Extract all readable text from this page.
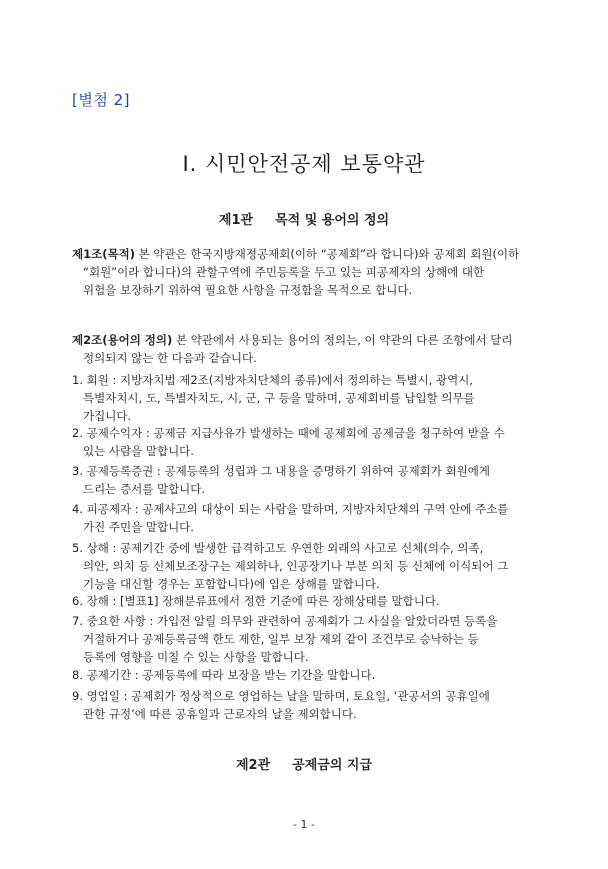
[별첨 2]
Ⅰ. 시민안전공제 보통약관
제1관 목적 및 용어의 정의
제1조(목적) 본 약관은 한국지방재정공제회(이하 “공제회”라 합니다)와 공제회 회원(이하
“회원”이라 합니다)의 관할구역에 주민등록을 두고 있는 피공제자의 상해에 대한
위험을 보장하기 위하여 필요한 사항을 규정함을 목적으로 합니다.
제2조(용어의 정의) 본 약관에서 사용되는 용어의 정의는, 이 약관의 다른 조항에서 달리
정의되지 않는 한 다음과 같습니다.
1. 회원 : 지방자치법 제2조(지방자치단체의 종류)에서 정의하는 특별시, 광역시,
특별자치시, 도, 특별자치도, 시, 군, 구 등을 말하며, 공제회비를 납입할 의무를
가집니다.
2. 공제수익자 : 공제금 지급사유가 발생하는 때에 공제회에 공제금을 청구하여 받을 수
있는 사람을 말합니다.
3. 공제등록증권 : 공제등록의 성립과 그 내용을 증명하기 위하여 공제회가 회원에게
드리는 증서를 말합니다.
4. 피공제자 : 공제사고의 대상이 되는 사람을 말하며, 지방자치단체의 구역 안에 주소를
가진 주민을 말합니다.
5. 상해 : 공제기간 중에 발생한 급격하고도 우연한 외래의 사고로 신체(의수, 의족,
의안, 의치 등 신체보조장구는 제외하나, 인공장기나 부분 의치 등 신체에 이식되어 그
기능을 대신할 경우는 포함합니다)에 입은 상해를 말합니다.
6. 장해 : [별표1] 장해분류표에서 정한 기준에 따른 장해상태를 말합니다.
7. 중요한 사항 : 가입전 알릴 의무와 관련하여 공제회가 그 사실을 알았더라면 등록을
거절하거나 공제등록금액 한도 제한, 일부 보장 제외 같이 조건부로 승낙하는 등
등록에 영향을 미칠 수 있는 사항을 말합니다.
8. 공제기간 : 공제등록에 따라 보장을 받는 기간을 말합니다.
9. 영업일 : 공제회가 정상적으로 영업하는 날을 말하며, 토요일, ‘관공서의 공휴일에
관한 규정’에 따른 공휴일과 근로자의 날을 제외합니다.
제2관 공제금의 지급
- 1 -
